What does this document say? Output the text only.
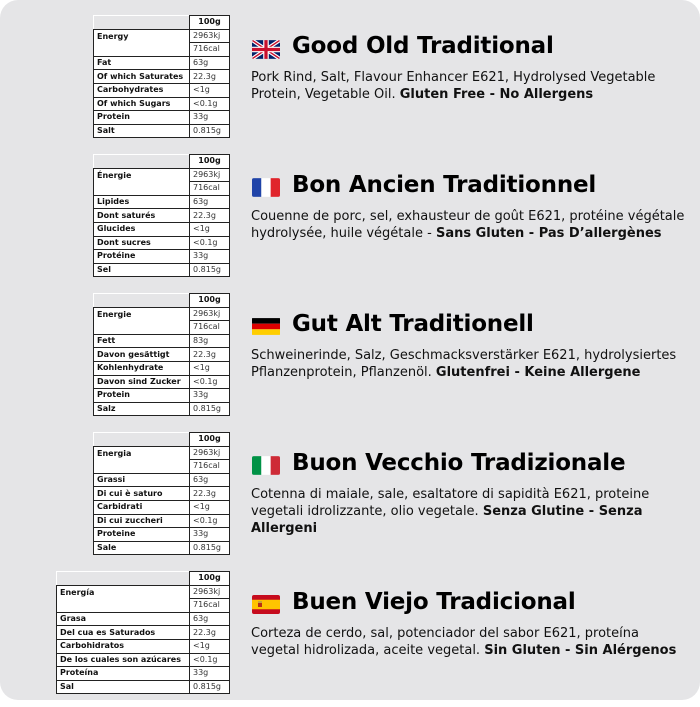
	100g
Energy	2963kj
	716cal
Fat	63g
Of which Saturates	22.3g
Carbohydrates	<1g
Of which Sugars	<0.1g
Protein	33g
Salt	0.815g
Good Old Traditional
Pork Rind, Salt, Flavour Enhancer E621, Hydrolysed Vegetable Protein, Vegetable Oil. Gluten Free - No Allergens
	100g
Énergie	2963kj
	716cal
Lipides	63g
Dont saturés	22.3g
Glucides	<1g
Dont sucres	<0.1g
Protéine	33g
Sel	0.815g
Bon Ancien Traditionnel
Couenne de porc, sel, exhausteur de goût E621, protéine végétale hydrolysée, huile végétale - Sans Gluten - Pas D’allergènes
	100g
Energie	2963kj
	716cal
Fett	83g
Davon gesättigt	22.3g
Kohlenhydrate	<1g
Davon sind Zucker	<0.1g
Protein	33g
Salz	0.815g
Gut Alt Traditionell
Schweinerinde, Salz, Geschmacksverstärker E621, hydrolysiertes Pflanzenprotein, Pflanzenöl. Glutenfrei - Keine Allergene
	100g
Energia	2963kj
	716cal
Grassi	63g
Di cui è saturo	22.3g
Carbidrati	<1g
Di cui zuccheri	<0.1g
Proteine	33g
Sale	0.815g
Buon Vecchio Tradizionale
Cotenna di maiale, sale, esaltatore di sapidità E621, proteine vegetali idrolizzante, olio vegetale. Senza Glutine - Senza Allergeni
	100g
Energía	2963kj
	716cal
Grasa	63g
Del cua es Saturados	22.3g
Carbohidratos	<1g
De los cuales son azúcares	<0.1g
Proteína	33g
Sal	0.815g
Buen Viejo Tradicional
Corteza de cerdo, sal, potenciador del sabor E621, proteína vegetal hidrolizada, aceite vegetal. Sin Gluten - Sin Alérgenos
